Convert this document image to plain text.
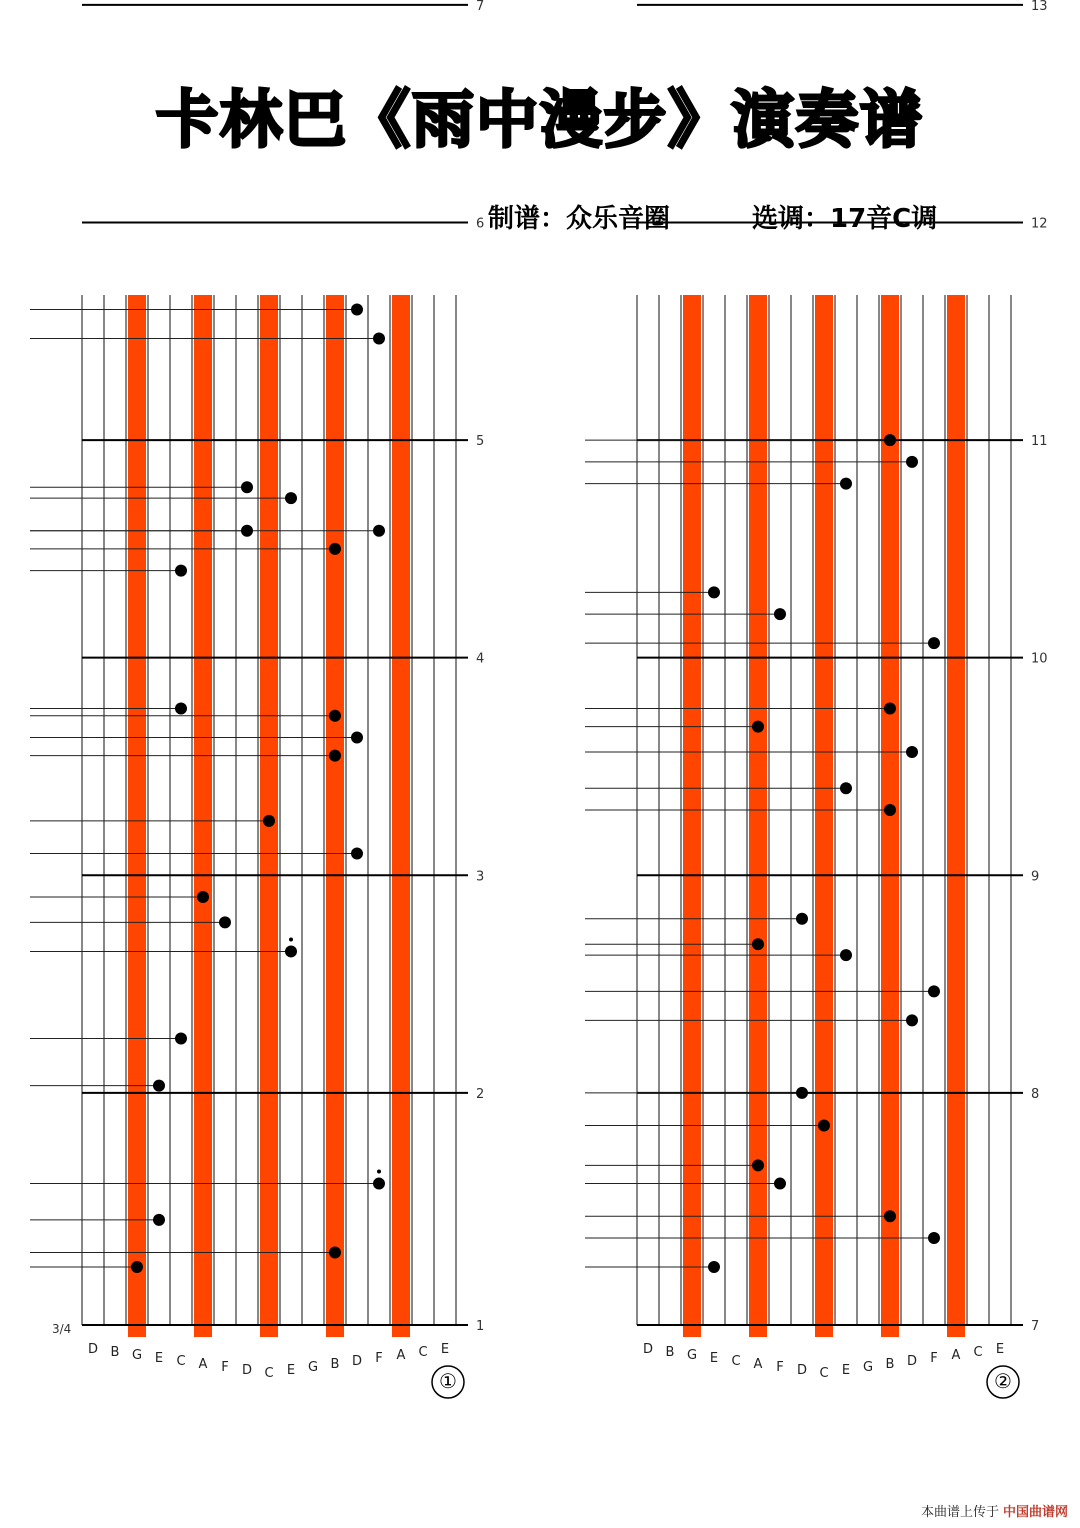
卡林巴《雨中漫步》演奏谱
制谱：众乐音圈	选调：17音C调
1
2
3
4
5
6
7
3/4
D B G E C A F D C E G B D F A C E
①
7
8
9
10
11
12
13
D B G E C A F D C E G B D F A C E
②
本曲谱上传于 中国曲谱网
